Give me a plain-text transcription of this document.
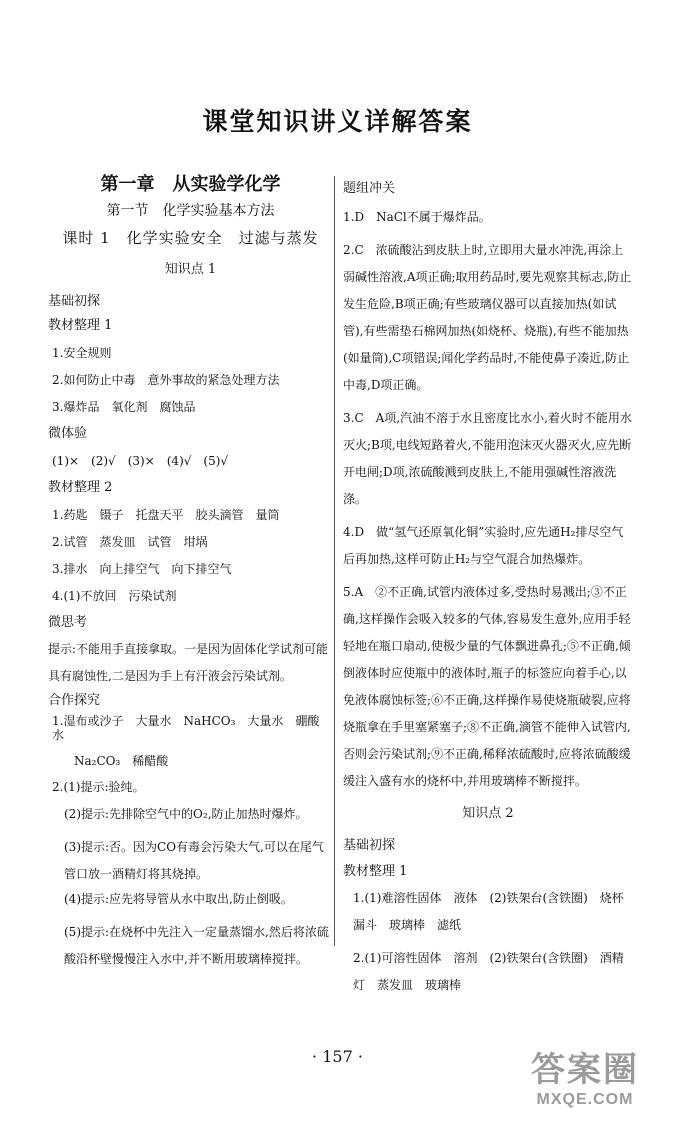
课堂知识讲义详解答案
第一章　从实验学化学
第一节　化学实验基本方法
课时 1　化学实验安全　过滤与蒸发
知识点 1
基础初探
教材整理 1
1.安全规则
2.如何防止中毒　意外事故的紧急处理方法
3.爆炸品　氧化剂　腐蚀品
微体验
(1)×　(2)√　(3)×　(4)√　(5)√
教材整理 2
1.药匙　镊子　托盘天平　胶头滴管　量筒
2.试管　蒸发皿　试管　坩埚
3.排水　向上排空气　向下排空气
4.(1)不放回　污染试剂
微思考
提示:不能用手直接拿取。一是因为固体化学试剂可能具有腐蚀性,二是因为手上有汗液会污染试剂。
合作探究
1.湿布或沙子　大量水　NaHCO₃　大量水　硼酸　水
Na₂CO₃　稀醋酸
2.(1)提示:验纯。
(2)提示:先排除空气中的O₂,防止加热时爆炸。
(3)提示:否。因为CO有毒会污染大气,可以在尾气管口放一酒精灯将其烧掉。
(4)提示:应先将导管从水中取出,防止倒吸。
(5)提示:在烧杯中先注入一定量蒸馏水,然后将浓硫酸沿杯壁慢慢注入水中,并不断用玻璃棒搅拌。
题组冲关
1.D　NaCl不属于爆炸品。
2.C　浓硫酸沾到皮肤上时,立即用大量水冲洗,再涂上弱碱性溶液,A项正确;取用药品时,要先观察其标志,防止发生危险,B项正确;有些玻璃仪器可以直接加热(如试管),有些需垫石棉网加热(如烧杯、烧瓶),有些不能加热(如量筒),C项错误;闻化学药品时,不能使鼻子凑近,防止中毒,D项正确。
3.C　A项,汽油不溶于水且密度比水小,着火时不能用水灭火;B项,电线短路着火,不能用泡沫灭火器灭火,应先断开电闸;D项,浓硫酸溅到皮肤上,不能用强碱性溶液洗涤。
4.D　做“氢气还原氧化铜”实验时,应先通H₂排尽空气后再加热,这样可防止H₂与空气混合加热爆炸。
5.A　②不正确,试管内液体过多,受热时易溅出;③不正确,这样操作会吸入较多的气体,容易发生意外,应用手轻轻地在瓶口扇动,使极少量的气体飘进鼻孔;⑤不正确,倾倒液体时应使瓶中的液体时,瓶子的标签应向着手心,以免液体腐蚀标签;⑥不正确,这样操作易使烧瓶破裂,应将烧瓶拿在手里塞紧塞子;⑧不正确,滴管不能伸入试管内,否则会污染试剂;⑨不正确,稀释浓硫酸时,应将浓硫酸缓缓注入盛有水的烧杯中,并用玻璃棒不断搅拌。
知识点 2
基础初探
教材整理 1
1.(1)难溶性固体　液体　(2)铁架台(含铁圈)　烧杯　漏斗　玻璃棒　滤纸
2.(1)可溶性固体　溶剂　(2)铁架台(含铁圈)　酒精灯　蒸发皿　玻璃棒
· 157 ·	答案圈
MXQE.COM
